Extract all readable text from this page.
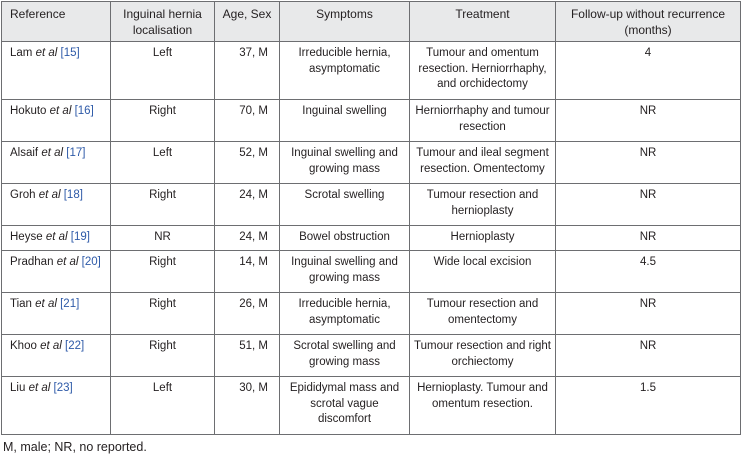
Reference	Inguinal hernia localisation	Age, Sex	Symptoms	Treatment	Follow-up without recurrence (months)
Lam et al [15]	Left	37, M	Irreducible hernia, asymptomatic	Tumour and omentum resection. Herniorrhaphy, and orchidectomy	4
Hokuto et al [16]	Right	70, M	Inguinal swelling	Herniorrhaphy and tumour resection	NR
Alsaif et al [17]	Left	52, M	Inguinal swelling and growing mass	Tumour and ileal segment resection. Omentectomy	NR
Groh et al [18]	Right	24, M	Scrotal swelling	Tumour resection and hernioplasty	NR
Heyse et al [19]	NR	24, M	Bowel obstruction	Hernioplasty	NR
Pradhan et al [20]	Right	14, M	Inguinal swelling and growing mass	Wide local excision	4.5
Tian et al [21]	Right	26, M	Irreducible hernia, asymptomatic	Tumour resection and omentectomy	NR
Khoo et al [22]	Right	51, M	Scrotal swelling and growing mass	Tumour resection and right orchiectomy	NR
Liu et al [23]	Left	30, M	Epididymal mass and scrotal vague discomfort	Hernioplasty. Tumour and omentum resection.	1.5
M, male; NR, no reported.
